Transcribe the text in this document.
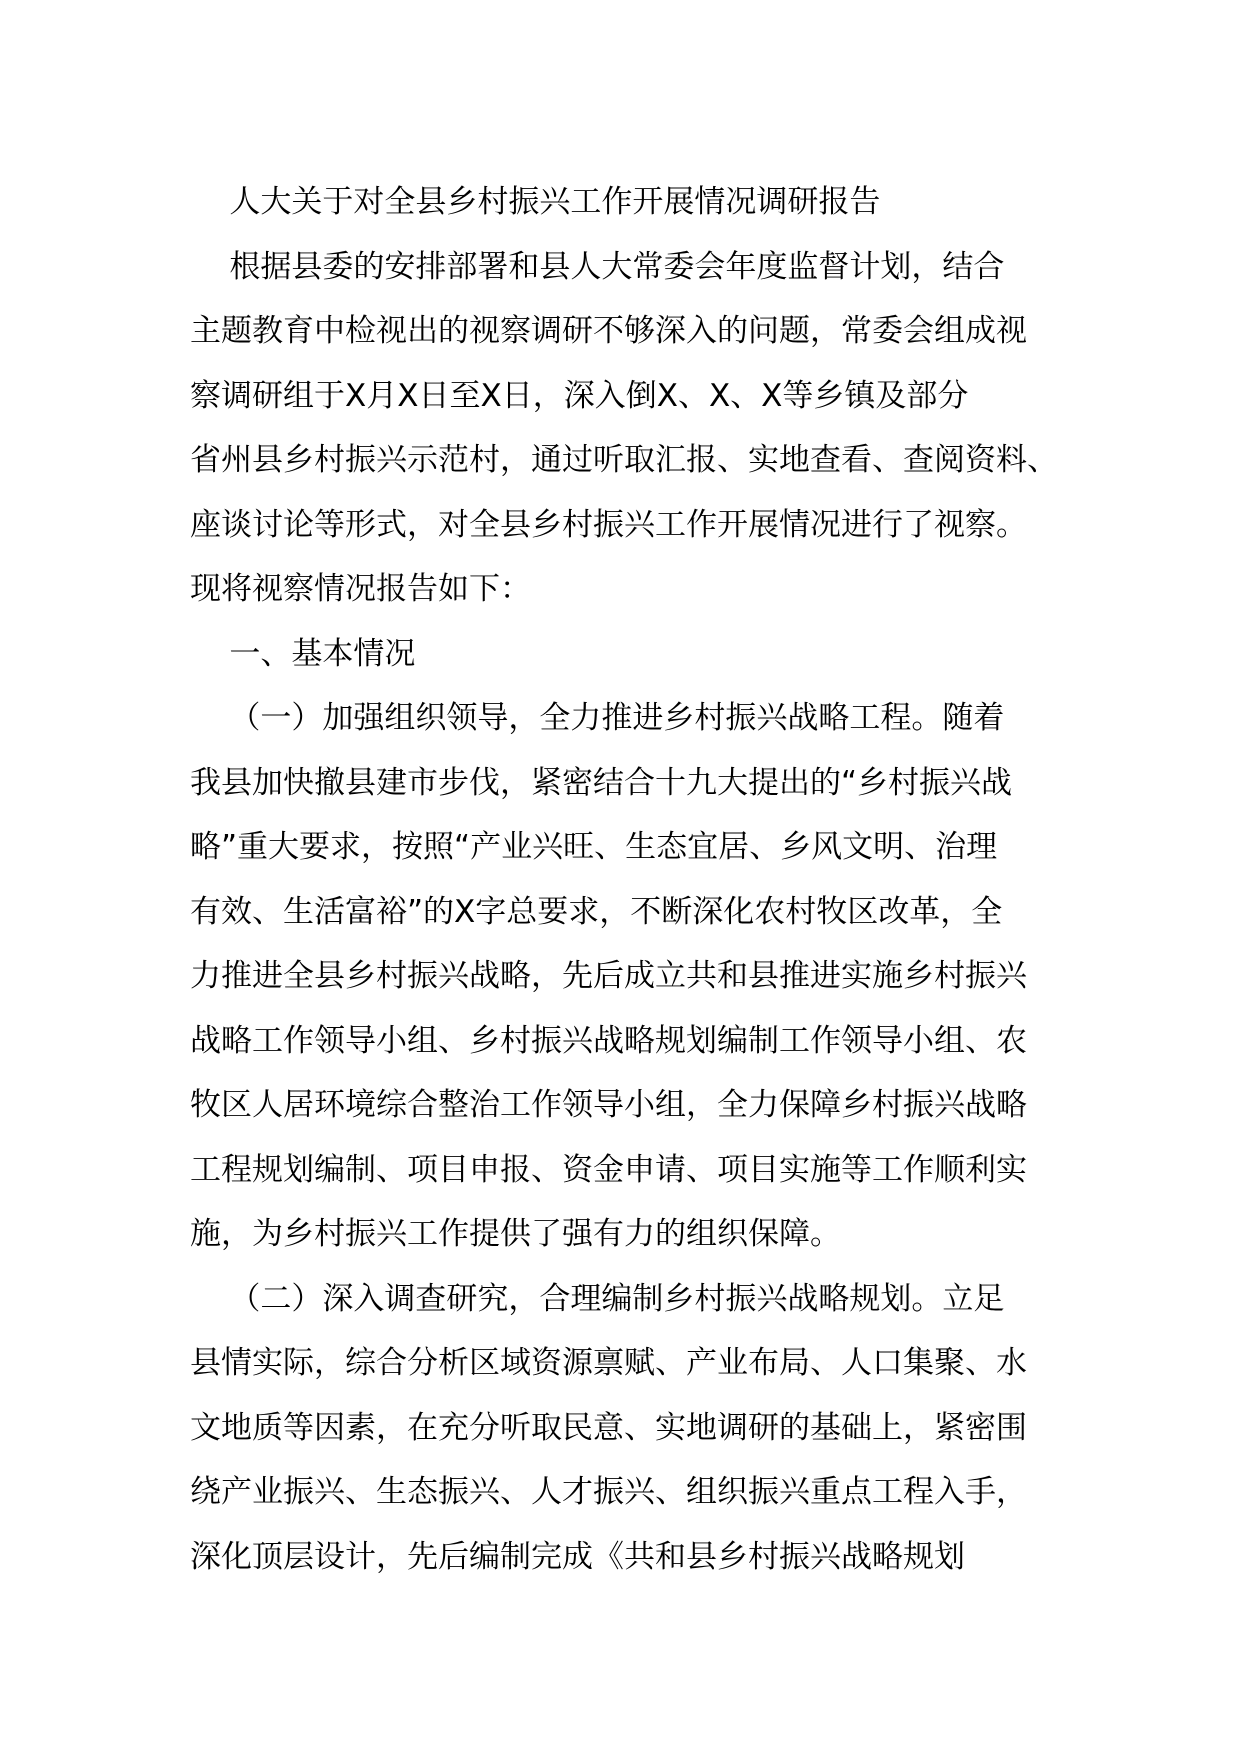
人大关于对全县乡村振兴工作开展情况调研报告
根据县委的安排部署和县人大常委会年度监督计划，结合
主题教育中检视出的视察调研不够深入的问题，常委会组成视
察调研组于X月X日至X日，深入倒X、X、X等乡镇及部分
省州县乡村振兴示范村，通过听取汇报、实地查看、查阅资料、
座谈讨论等形式，对全县乡村振兴工作开展情况进行了视察。
现将视察情况报告如下：
一、基本情况
（一）加强组织领导，全力推进乡村振兴战略工程。随着
我县加快撤县建市步伐，紧密结合十九大提出的“乡村振兴战
略”重大要求，按照“产业兴旺、生态宜居、乡风文明、治理
有效、生活富裕”的X字总要求，不断深化农村牧区改革，全
力推进全县乡村振兴战略，先后成立共和县推进实施乡村振兴
战略工作领导小组、乡村振兴战略规划编制工作领导小组、农
牧区人居环境综合整治工作领导小组，全力保障乡村振兴战略
工程规划编制、项目申报、资金申请、项目实施等工作顺利实
施，为乡村振兴工作提供了强有力的组织保障。
（二）深入调查研究，合理编制乡村振兴战略规划。立足
县情实际，综合分析区域资源禀赋、产业布局、人口集聚、水
文地质等因素，在充分听取民意、实地调研的基础上，紧密围
绕产业振兴、生态振兴、人才振兴、组织振兴重点工程入手，
深化顶层设计，先后编制完成《共和县乡村振兴战略规划
